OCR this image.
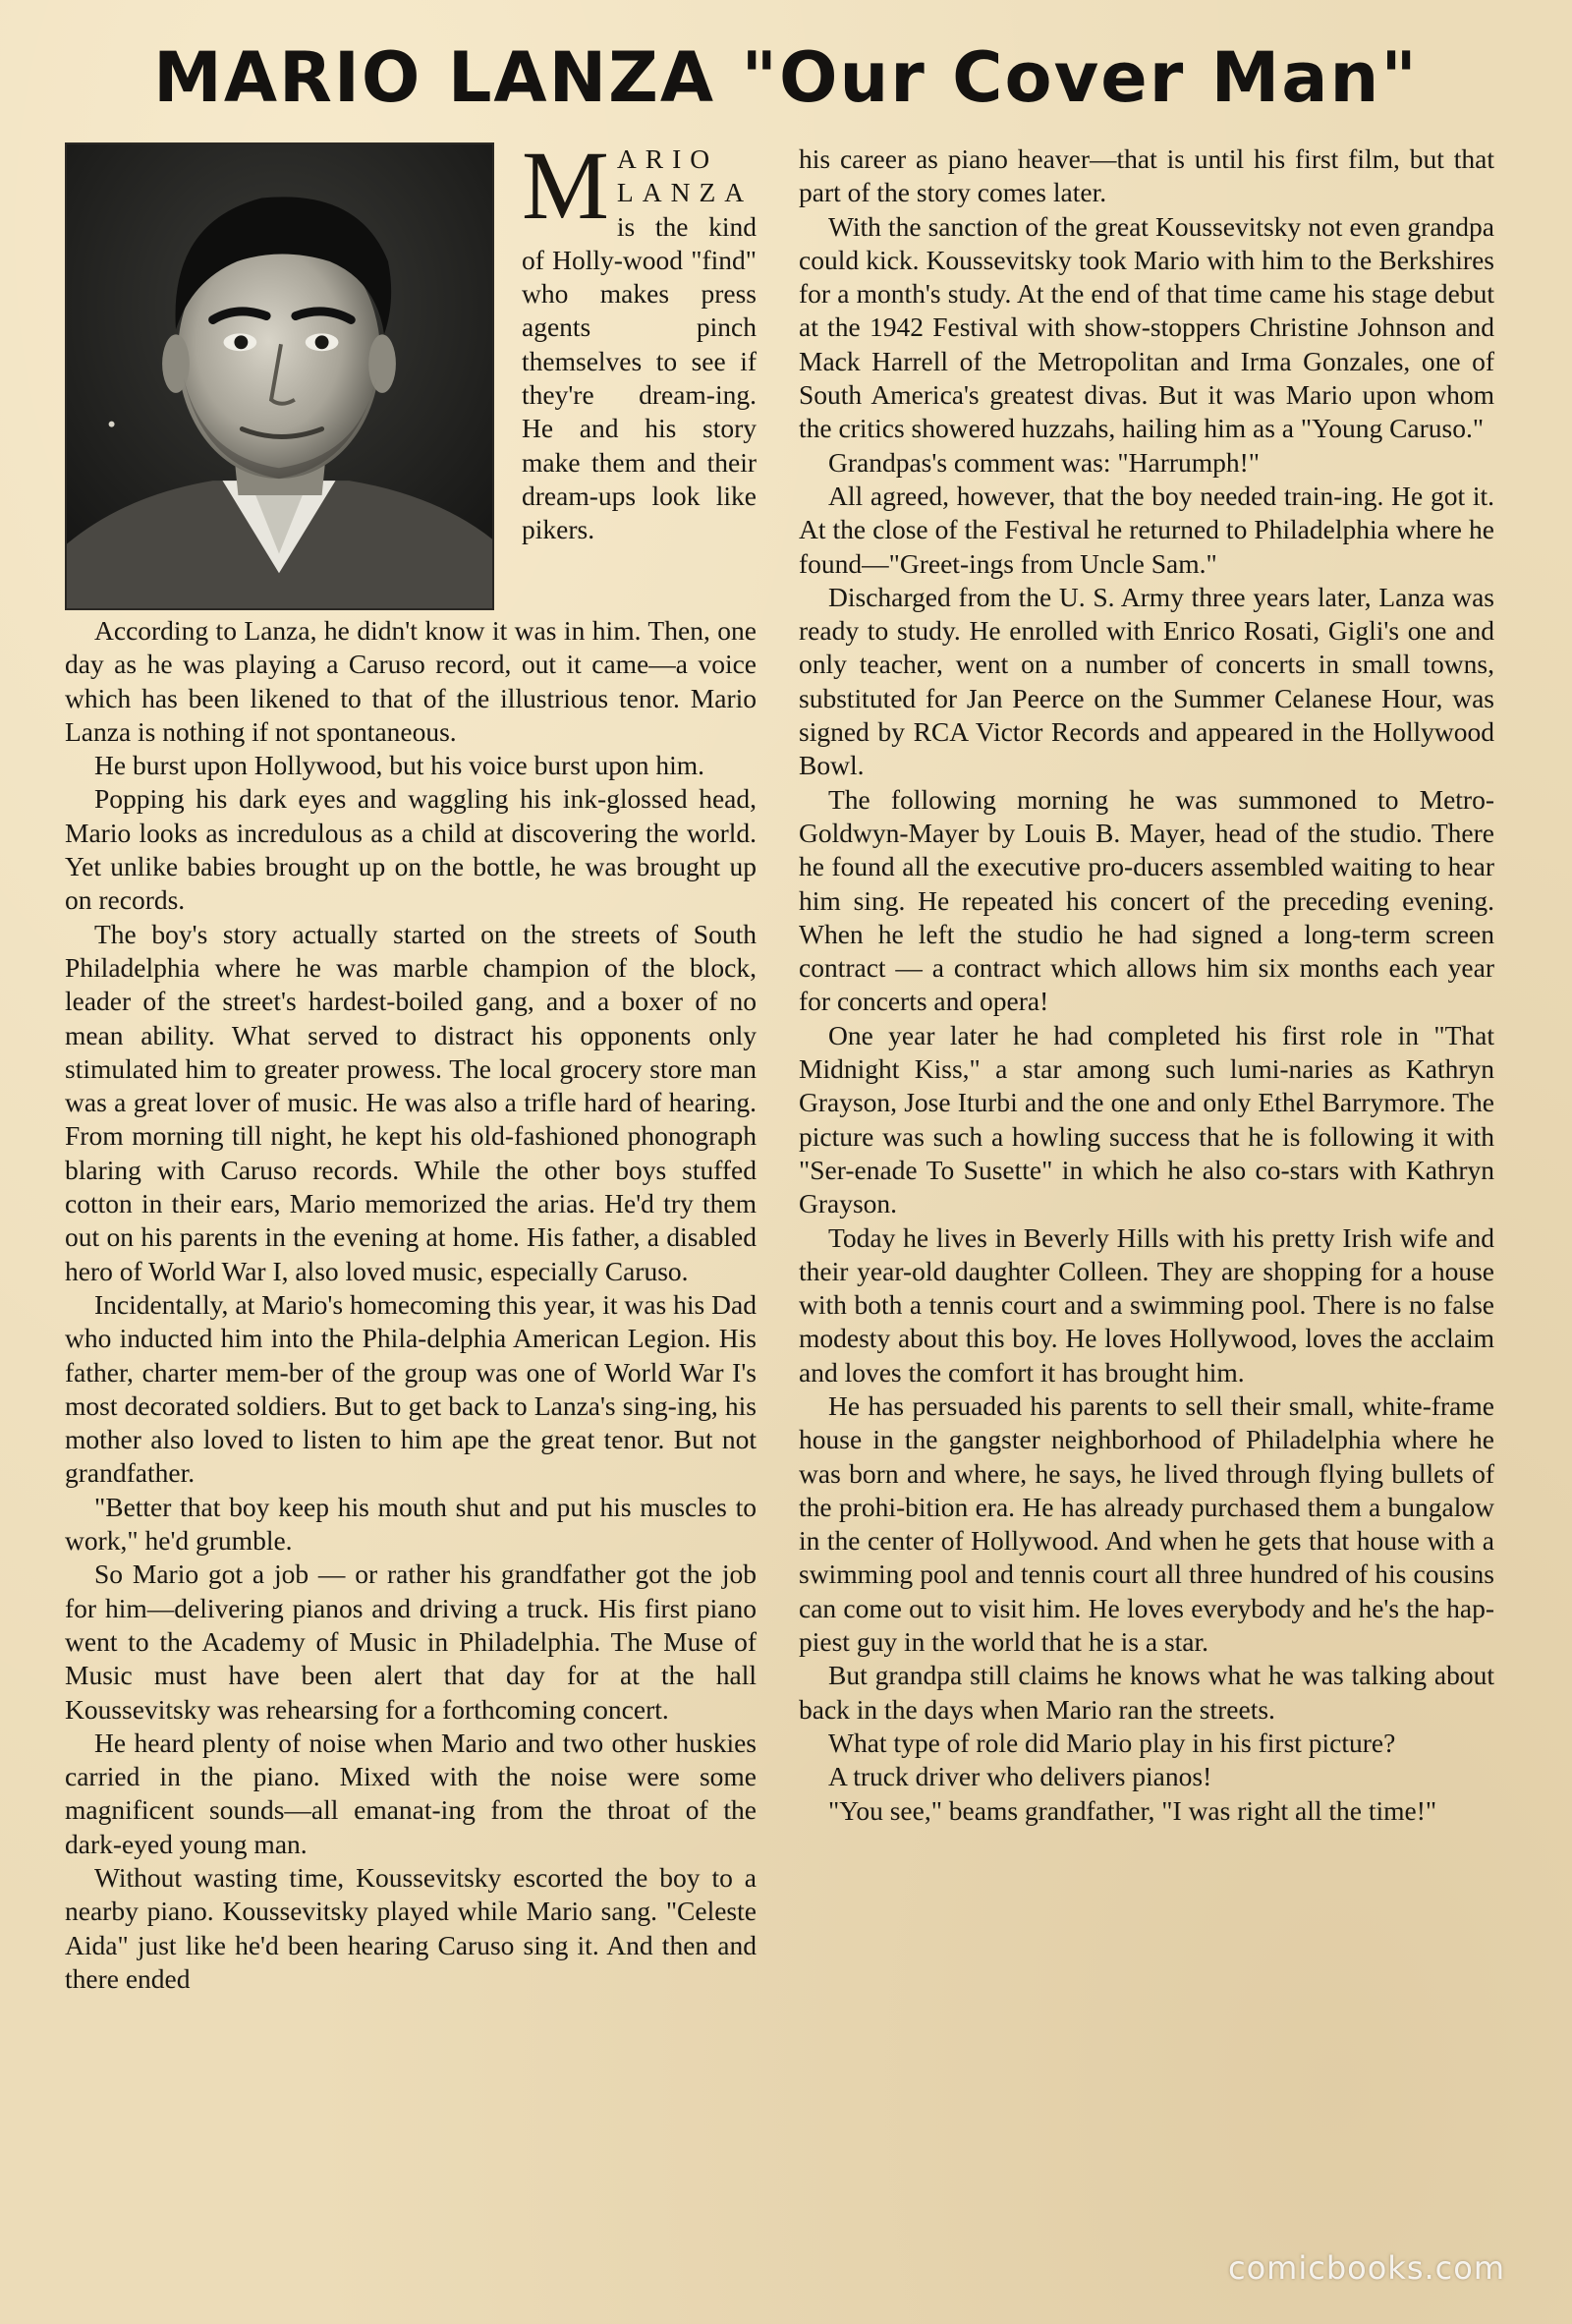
MARIO LANZA "Our Cover Man"

MARIO LANZA is the kind of Holly-wood "find" who makes press agents pinch themselves to see if they're dream-ing. He and his story make them and their dream-ups look like pikers.

According to Lanza, he didn't know it was in him. Then, one day as he was playing a Caruso record, out it came—a voice which has been likened to that of the illustrious tenor. Mario Lanza is nothing if not spontaneous.

He burst upon Hollywood, but his voice burst upon him.

Popping his dark eyes and waggling his ink-glossed head, Mario looks as incredulous as a child at discovering the world. Yet unlike babies brought up on the bottle, he was brought up on records.

The boy's story actually started on the streets of South Philadelphia where he was marble champion of the block, leader of the street's hardest-boiled gang, and a boxer of no mean ability. What served to distract his opponents only stimulated him to greater prowess. The local grocery store man was a great lover of music. He was also a trifle hard of hearing. From morning till night, he kept his old-fashioned phonograph blaring with Caruso records. While the other boys stuffed cotton in their ears, Mario memorized the arias. He'd try them out on his parents in the evening at home. His father, a disabled hero of World War I, also loved music, especially Caruso.

Incidentally, at Mario's homecoming this year, it was his Dad who inducted him into the Phila-delphia American Legion. His father, charter mem-ber of the group was one of World War I's most decorated soldiers. But to get back to Lanza's sing-ing, his mother also loved to listen to him ape the great tenor. But not grandfather.

"Better that boy keep his mouth shut and put his muscles to work," he'd grumble.

So Mario got a job — or rather his grandfather got the job for him—delivering pianos and driving a truck. His first piano went to the Academy of Music in Philadelphia. The Muse of Music must have been alert that day for at the hall Koussevitsky was rehearsing for a forthcoming concert.

He heard plenty of noise when Mario and two other huskies carried in the piano. Mixed with the noise were some magnificent sounds—all emanat-ing from the throat of the dark-eyed young man.

Without wasting time, Koussevitsky escorted the boy to a nearby piano. Koussevitsky played while Mario sang. "Celeste Aida" just like he'd been hearing Caruso sing it. And then and there ended

his career as piano heaver—that is until his first film, but that part of the story comes later.

With the sanction of the great Koussevitsky not even grandpa could kick. Koussevitsky took Mario with him to the Berkshires for a month's study. At the end of that time came his stage debut at the 1942 Festival with show-stoppers Christine Johnson and Mack Harrell of the Metropolitan and Irma Gonzales, one of South America's greatest divas. But it was Mario upon whom the critics showered huzzahs, hailing him as a "Young Caruso."

Grandpas's comment was: "Harrumph!"

All agreed, however, that the boy needed train-ing. He got it. At the close of the Festival he returned to Philadelphia where he found—"Greet-ings from Uncle Sam."

Discharged from the U. S. Army three years later, Lanza was ready to study. He enrolled with Enrico Rosati, Gigli's one and only teacher, went on a number of concerts in small towns, substituted for Jan Peerce on the Summer Celanese Hour, was signed by RCA Victor Records and appeared in the Hollywood Bowl.

The following morning he was summoned to Metro-Goldwyn-Mayer by Louis B. Mayer, head of the studio. There he found all the executive pro-ducers assembled waiting to hear him sing. He repeated his concert of the preceding evening. When he left the studio he had signed a long-term screen contract — a contract which allows him six months each year for concerts and opera!

One year later he had completed his first role in "That Midnight Kiss," a star among such lumi-naries as Kathryn Grayson, Jose Iturbi and the one and only Ethel Barrymore. The picture was such a howling success that he is following it with "Ser-enade To Susette" in which he also co-stars with Kathryn Grayson.

Today he lives in Beverly Hills with his pretty Irish wife and their year-old daughter Colleen. They are shopping for a house with both a tennis court and a swimming pool. There is no false modesty about this boy. He loves Hollywood, loves the acclaim and loves the comfort it has brought him.

He has persuaded his parents to sell their small, white-frame house in the gangster neighborhood of Philadelphia where he was born and where, he says, he lived through flying bullets of the prohi-bition era. He has already purchased them a bungalow in the center of Hollywood. And when he gets that house with a swimming pool and tennis court all three hundred of his cousins can come out to visit him. He loves everybody and he's the hap-piest guy in the world that he is a star.

But grandpa still claims he knows what he was talking about back in the days when Mario ran the streets.

What type of role did Mario play in his first picture?

A truck driver who delivers pianos!

"You see," beams grandfather, "I was right all the time!"

comicbooks.com
